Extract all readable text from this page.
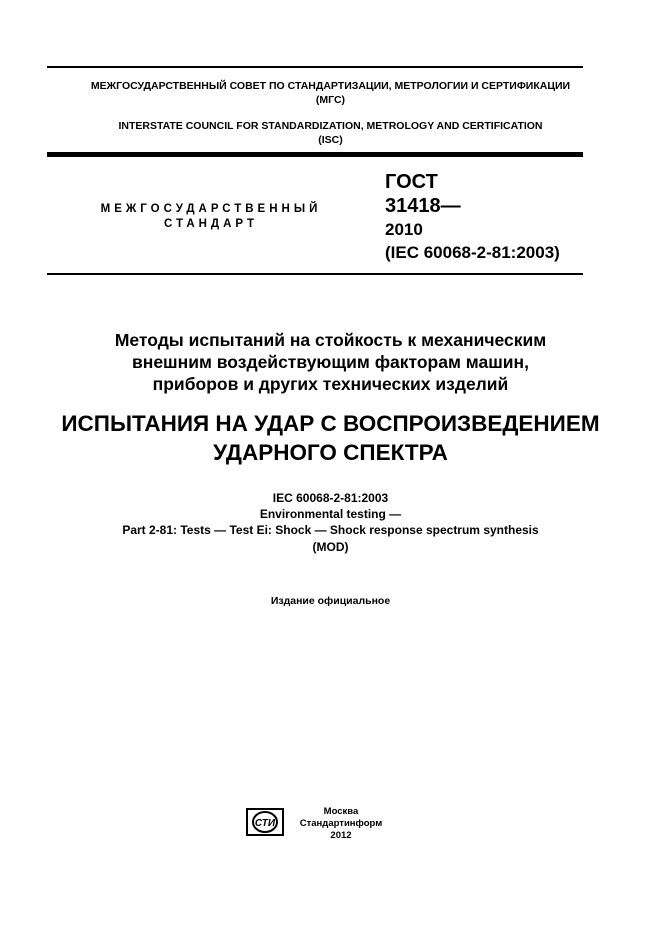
МЕЖГОСУДАРСТВЕННЫЙ СОВЕТ ПО СТАНДАРТИЗАЦИИ, МЕТРОЛОГИИ И СЕРТИФИКАЦИИ
(МГС)
INTERSTATE COUNCIL FOR STANDARDIZATION, METROLOGY AND CERTIFICATION
(ISC)
МЕЖГОСУДАРСТВЕННЫЙ
СТАНДАРТ
ГОСТ
31418—
2010
(IEC 60068-2-81:2003)
Методы испытаний на стойкость к механическим
внешним воздействующим факторам машин,
приборов и других технических изделий
ИСПЫТАНИЯ НА УДАР С ВОСПРОИЗВЕДЕНИЕМ
УДАРНОГО СПЕКТРА
IEC 60068-2-81:2003
Environmental testing —
Part 2-81: Tests — Test Ei: Shock — Shock response spectrum synthesis
(MOD)
Издание официальное
СТИ
Москва
Стандартинформ
2012
